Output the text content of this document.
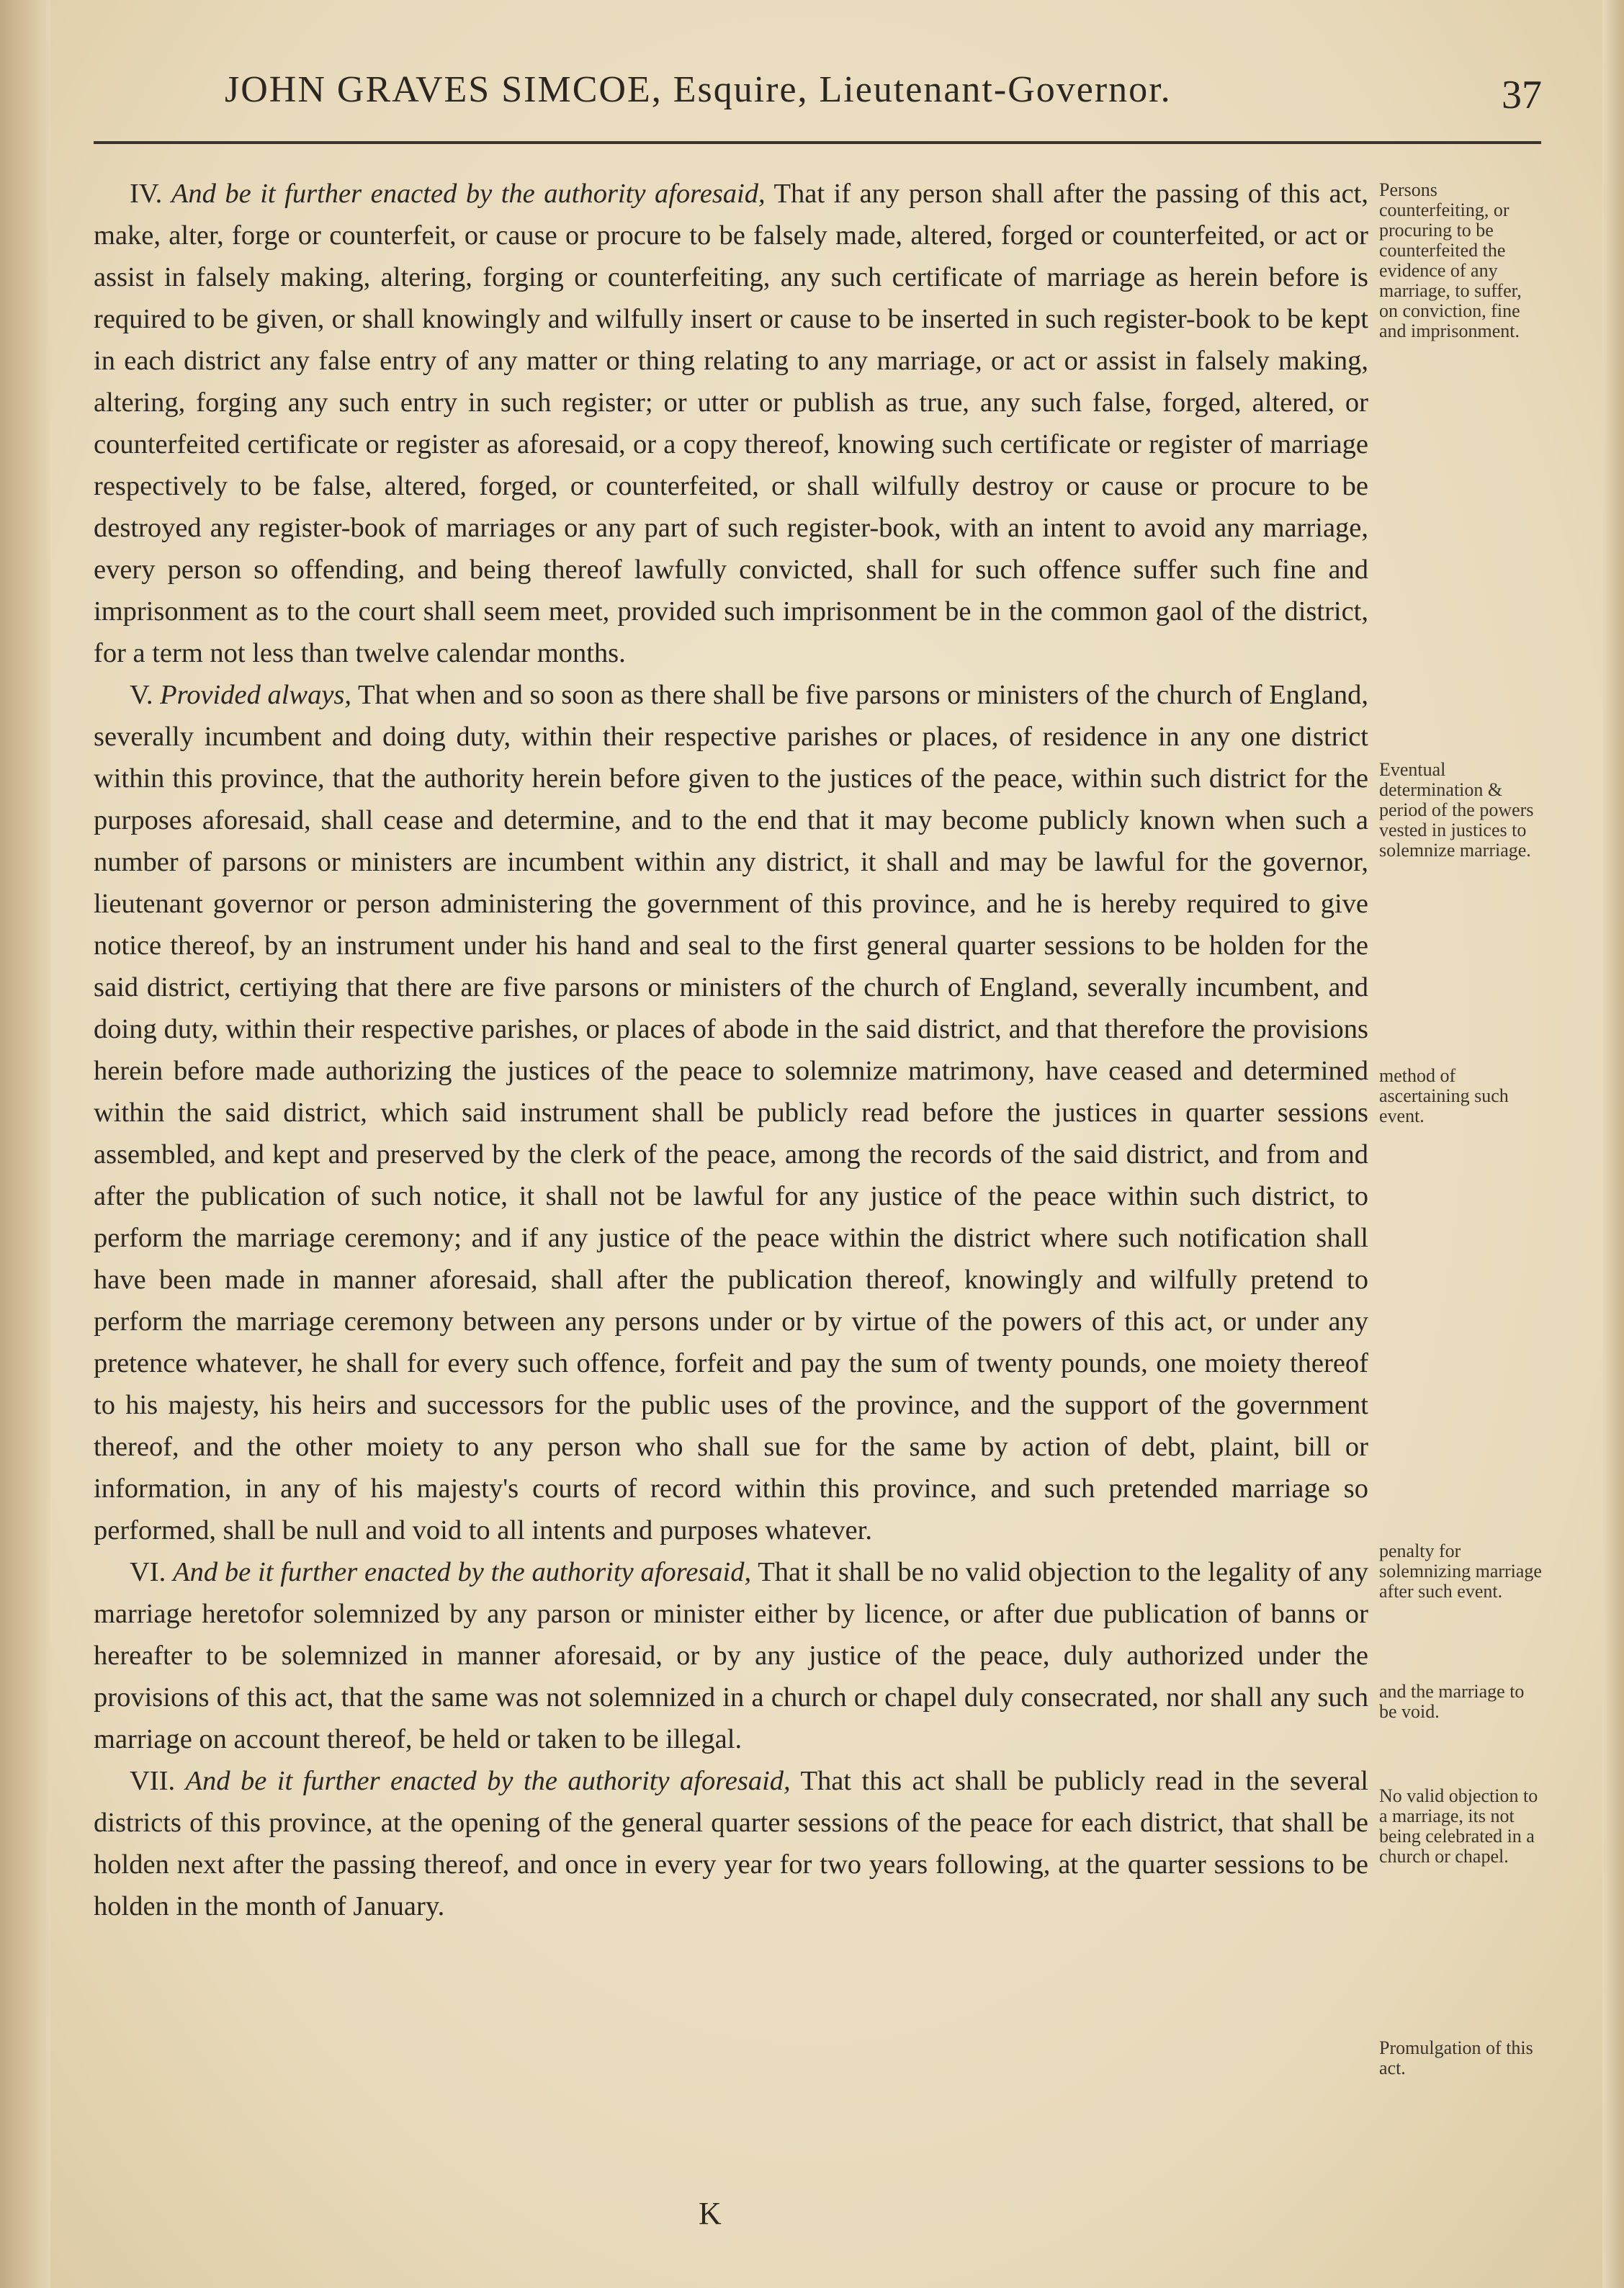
JOHN GRAVES SIMCOE, Esquire, Lieutenant-Governor.	37

IV. And be it further enacted by the authority aforesaid, That if any person shall after the passing of this act, make, alter, forge or counterfeit, or cause or procure to be falsely made, altered, forged or counterfeited, or act or assist in falsely making, altering, forging or counterfeiting, any such certificate of marriage as herein before is required to be given, or shall knowingly and wilfully insert or cause to be inserted in such register-book to be kept in each district any false entry of any matter or thing relating to any marriage, or act or assist in falsely making, altering, forging any such entry in such register; or utter or publish as true, any such false, forged, altered, or counterfeited certificate or register as aforesaid, or a copy thereof, knowing such certificate or register of marriage respectively to be false, altered, forged, or counterfeited, or shall wilfully destroy or cause or procure to be destroyed any register-book of marriages or any part of such register-book, with an intent to avoid any marriage, every person so offending, and being thereof lawfully convicted, shall for such offence suffer such fine and imprisonment as to the court shall seem meet, provided such imprisonment be in the common gaol of the district, for a term not less than twelve calendar months.

V. Provided always, That when and so soon as there shall be five parsons or ministers of the church of England, severally incumbent and doing duty, within their respective parishes or places, of residence in any one district within this province, that the authority herein before given to the justices of the peace, within such district for the purposes aforesaid, shall cease and determine, and to the end that it may become publicly known when such a number of parsons or ministers are incumbent within any district, it shall and may be lawful for the governor, lieutenant governor or person administering the government of this province, and he is hereby required to give notice thereof, by an instrument under his hand and seal to the first general quarter sessions to be holden for the said district, certiying that there are five parsons or ministers of the church of England, severally incumbent, and doing duty, within their respective parishes, or places of abode in the said district, and that therefore the provisions herein before made authorizing the justices of the peace to solemnize matrimony, have ceased and determined within the said district, which said instrument shall be publicly read before the justices in quarter sessions assembled, and kept and preserved by the clerk of the peace, among the records of the said district, and from and after the publication of such notice, it shall not be lawful for any justice of the peace within such district, to perform the marriage ceremony; and if any justice of the peace within the district where such notification shall have been made in manner aforesaid, shall after the publication thereof, knowingly and wilfully pretend to perform the marriage ceremony between any persons under or by virtue of the powers of this act, or under any pretence whatever, he shall for every such offence, forfeit and pay the sum of twenty pounds, one moiety thereof to his majesty, his heirs and successors for the public uses of the province, and the support of the government thereof, and the other moiety to any person who shall sue for the same by action of debt, plaint, bill or information, in any of his majesty's courts of record within this province, and such pretended marriage so performed, shall be null and void to all intents and purposes whatever.

VI. And be it further enacted by the authority aforesaid, That it shall be no valid objection to the legality of any marriage heretofor solemnized by any parson or minister either by licence, or after due publication of banns or hereafter to be solemnized in manner aforesaid, or by any justice of the peace, duly authorized under the provisions of this act, that the same was not solemnized in a church or chapel duly consecrated, nor shall any such marriage on account thereof, be held or taken to be illegal.

VII. And be it further enacted by the authority aforesaid, That this act shall be publicly read in the several districts of this province, at the opening of the general quarter sessions of the peace for each district, that shall be holden next after the passing thereof, and once in every year for two years following, at the quarter sessions to be holden in the month of January.

Persons counterfeiting, or procuring to be counterfeited the evidence of any marriage, to suffer, on conviction, fine and imprisonment.
Eventual determination & period of the powers vested in justices to solemnize marriage.
method of ascertaining such event.
penalty for solemnizing marriage after such event.
and the marriage to be void.
No valid objection to a marriage, its not being celebrated in a church or chapel.
Promulgation of this act.
K
